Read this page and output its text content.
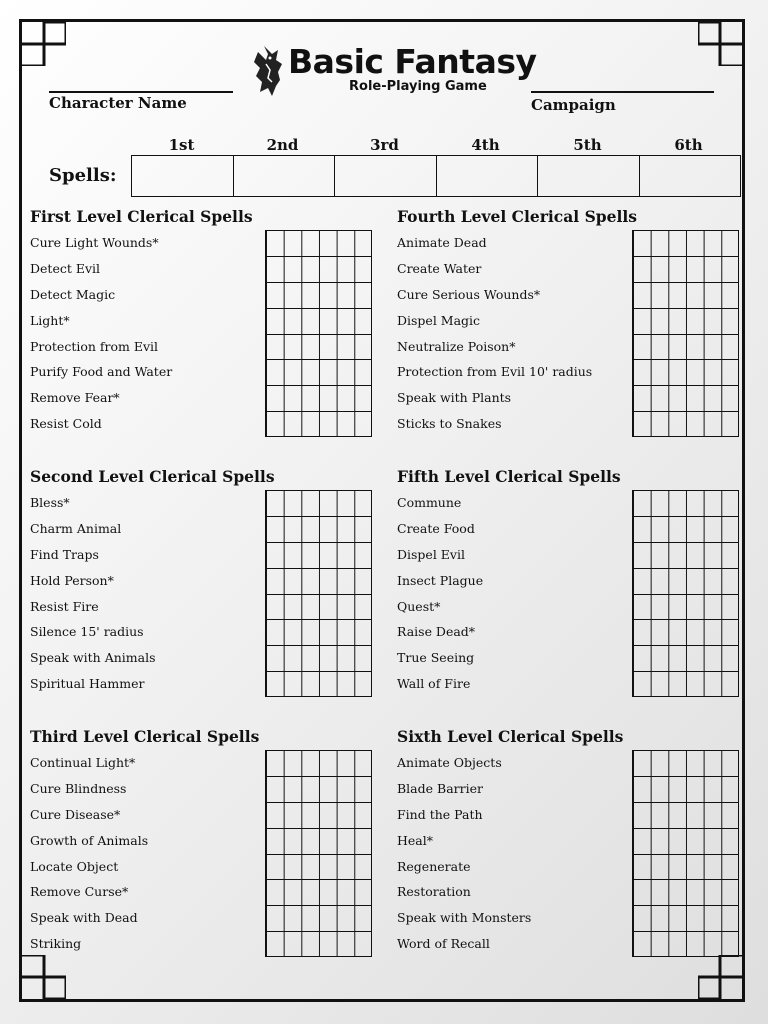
Basic Fantasy
Role-Playing Game
Character Name	Campaign
1st	2nd	3rd	4th	5th	6th
Spells:
First Level Clerical Spells
Cure Light Wounds*
Detect Evil
Detect Magic
Light*
Protection from Evil
Purify Food and Water
Remove Fear*
Resist Cold
Fourth Level Clerical Spells
Animate Dead
Create Water
Cure Serious Wounds*
Dispel Magic
Neutralize Poison*
Protection from Evil 10' radius
Speak with Plants
Sticks to Snakes
Second Level Clerical Spells
Bless*
Charm Animal
Find Traps
Hold Person*
Resist Fire
Silence 15' radius
Speak with Animals
Spiritual Hammer
Fifth Level Clerical Spells
Commune
Create Food
Dispel Evil
Insect Plague
Quest*
Raise Dead*
True Seeing
Wall of Fire
Third Level Clerical Spells
Continual Light*
Cure Blindness
Cure Disease*
Growth of Animals
Locate Object
Remove Curse*
Speak with Dead
Striking
Sixth Level Clerical Spells
Animate Objects
Blade Barrier
Find the Path
Heal*
Regenerate
Restoration
Speak with Monsters
Word of Recall
